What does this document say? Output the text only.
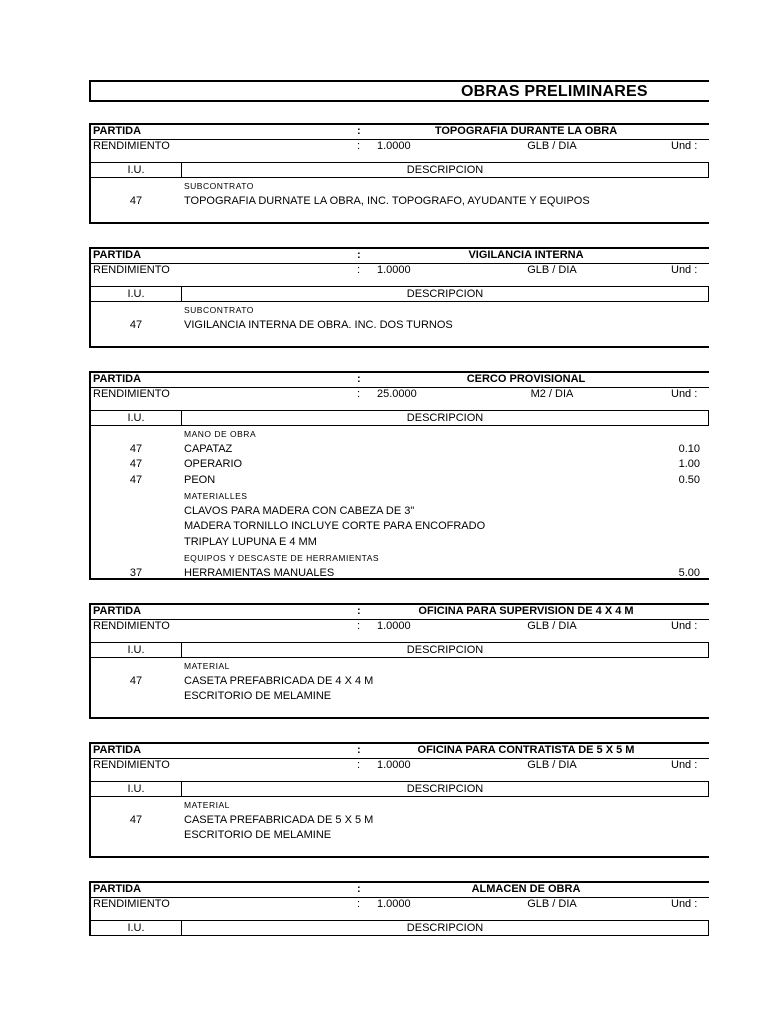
OBRAS PRELIMINARES
PARTIDA	:	TOPOGRAFIA DURANTE LA OBRA
RENDIMIENTO	: 1.0000	GLB / DIA	Und :
I.U.	DESCRIPCION
SUBCONTRATO
47	TOPOGRAFIA DURNATE LA OBRA, INC. TOPOGRAFO, AYUDANTE Y EQUIPOS
PARTIDA	:	VIGILANCIA INTERNA
RENDIMIENTO	: 1.0000	GLB / DIA	Und :
I.U.	DESCRIPCION
SUBCONTRATO
47	VIGILANCIA INTERNA DE OBRA. INC. DOS TURNOS
PARTIDA	:	CERCO PROVISIONAL
RENDIMIENTO	: 25.0000	M2 / DIA	Und :
I.U.	DESCRIPCION
MANO DE OBRA
47	CAPATAZ	0.10
47	OPERARIO	1.00
47	PEON	0.50
MATERIALLES
CLAVOS PARA MADERA CON CABEZA DE 3"
MADERA TORNILLO INCLUYE CORTE PARA ENCOFRADO
TRIPLAY LUPUNA E 4 MM
EQUIPOS Y DESCASTE DE HERRAMIENTAS
37	HERRAMIENTAS MANUALES	5.00
PARTIDA	:	OFICINA PARA SUPERVISION DE 4 X 4 M
RENDIMIENTO	: 1.0000	GLB / DIA	Und :
I.U.	DESCRIPCION
MATERIAL
47	CASETA PREFABRICADA DE 4 X 4 M
ESCRITORIO DE MELAMINE
PARTIDA	:	OFICINA PARA CONTRATISTA DE 5 X 5 M
RENDIMIENTO	: 1.0000	GLB / DIA	Und :
I.U.	DESCRIPCION
MATERIAL
47	CASETA PREFABRICADA DE 5 X 5 M
ESCRITORIO DE MELAMINE
PARTIDA	:	ALMACEN DE OBRA
RENDIMIENTO	: 1.0000	GLB / DIA	Und :
I.U.	DESCRIPCION
